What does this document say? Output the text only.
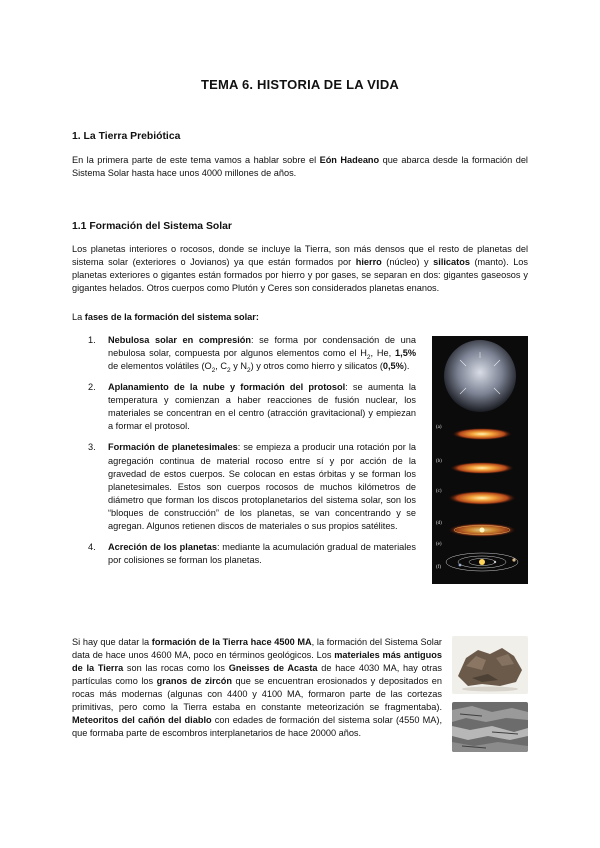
TEMA 6. HISTORIA DE LA VIDA
1. La Tierra Prebiótica
En la primera parte de este tema vamos a hablar sobre el Eón Hadeano que abarca desde la formación del Sistema Solar hasta hace unos 4000 millones de años.
1.1 Formación del Sistema Solar
Los planetas interiores o rocosos, donde se incluye la Tierra, son más densos que el resto de planetas del sistema solar (exteriores o Jovianos) ya que están formados por hierro (núcleo) y silicatos (manto). Los planetas exteriores o gigantes están formados por hierro y por gases, se separan en dos: gigantes gaseosos y gigantes helados. Otros cuerpos como Plutón y Ceres son considerados planetas enanos.
La fases de la formación del sistema solar:
1. Nebulosa solar en compresión: se forma por condensación de una nebulosa solar, compuesta por algunos elementos como el $H_2$, He, 1,5% de elementos volátiles ($O_2$, $C_2$ y $N_2$) y otros como hierro y silicatos (0,5%).
2. Aplanamiento de la nube y formación del protosol: se aumenta la temperatura y comienzan a haber reacciones de fusión nuclear, los materiales se concentran en el centro (atracción gravitacional) y empiezan a formar el protosol.
3. Formación de planetesimales: se empieza a producir una rotación por la agregación continua de material rocoso entre sí y por acción de la gravedad de estos cuerpos. Se colocan en estas órbitas y se forman los planetesimales. Estos son cuerpos rocosos de muchos kilómetros de diámetro que forman los discos protoplanetarios del sistema solar, son los “bloques de construcción” de los planetas, se van concentrando y se agregan. Algunos retienen discos de materiales o sus propios satélites.
4. Acreción de los planetas: mediante la acumulación gradual de materiales por colisiones se forman los planetas.
(a)
(b)
(c)
(d)
(e)
(f)
Si hay que datar la formación de la Tierra hace 4500 MA, la formación del Sistema Solar data de hace unos 4600 MA, poco en términos geológicos. Los materiales más antiguos de la Tierra son las rocas como los Gneisses de Acasta de hace 4030 MA, hay otras partículas como los granos de zircón que se encuentran erosionados y depositados en rocas más modernas (algunas con 4400 y 4100 MA, formaron parte de las cortezas primitivas, pero como la Tierra estaba en constante meteorización se fragmentaba). Meteoritos del cañón del diablo con edades de formación del sistema solar (4550 MA), que formaba parte de escombros interplanetarios de hace 20000 años.
